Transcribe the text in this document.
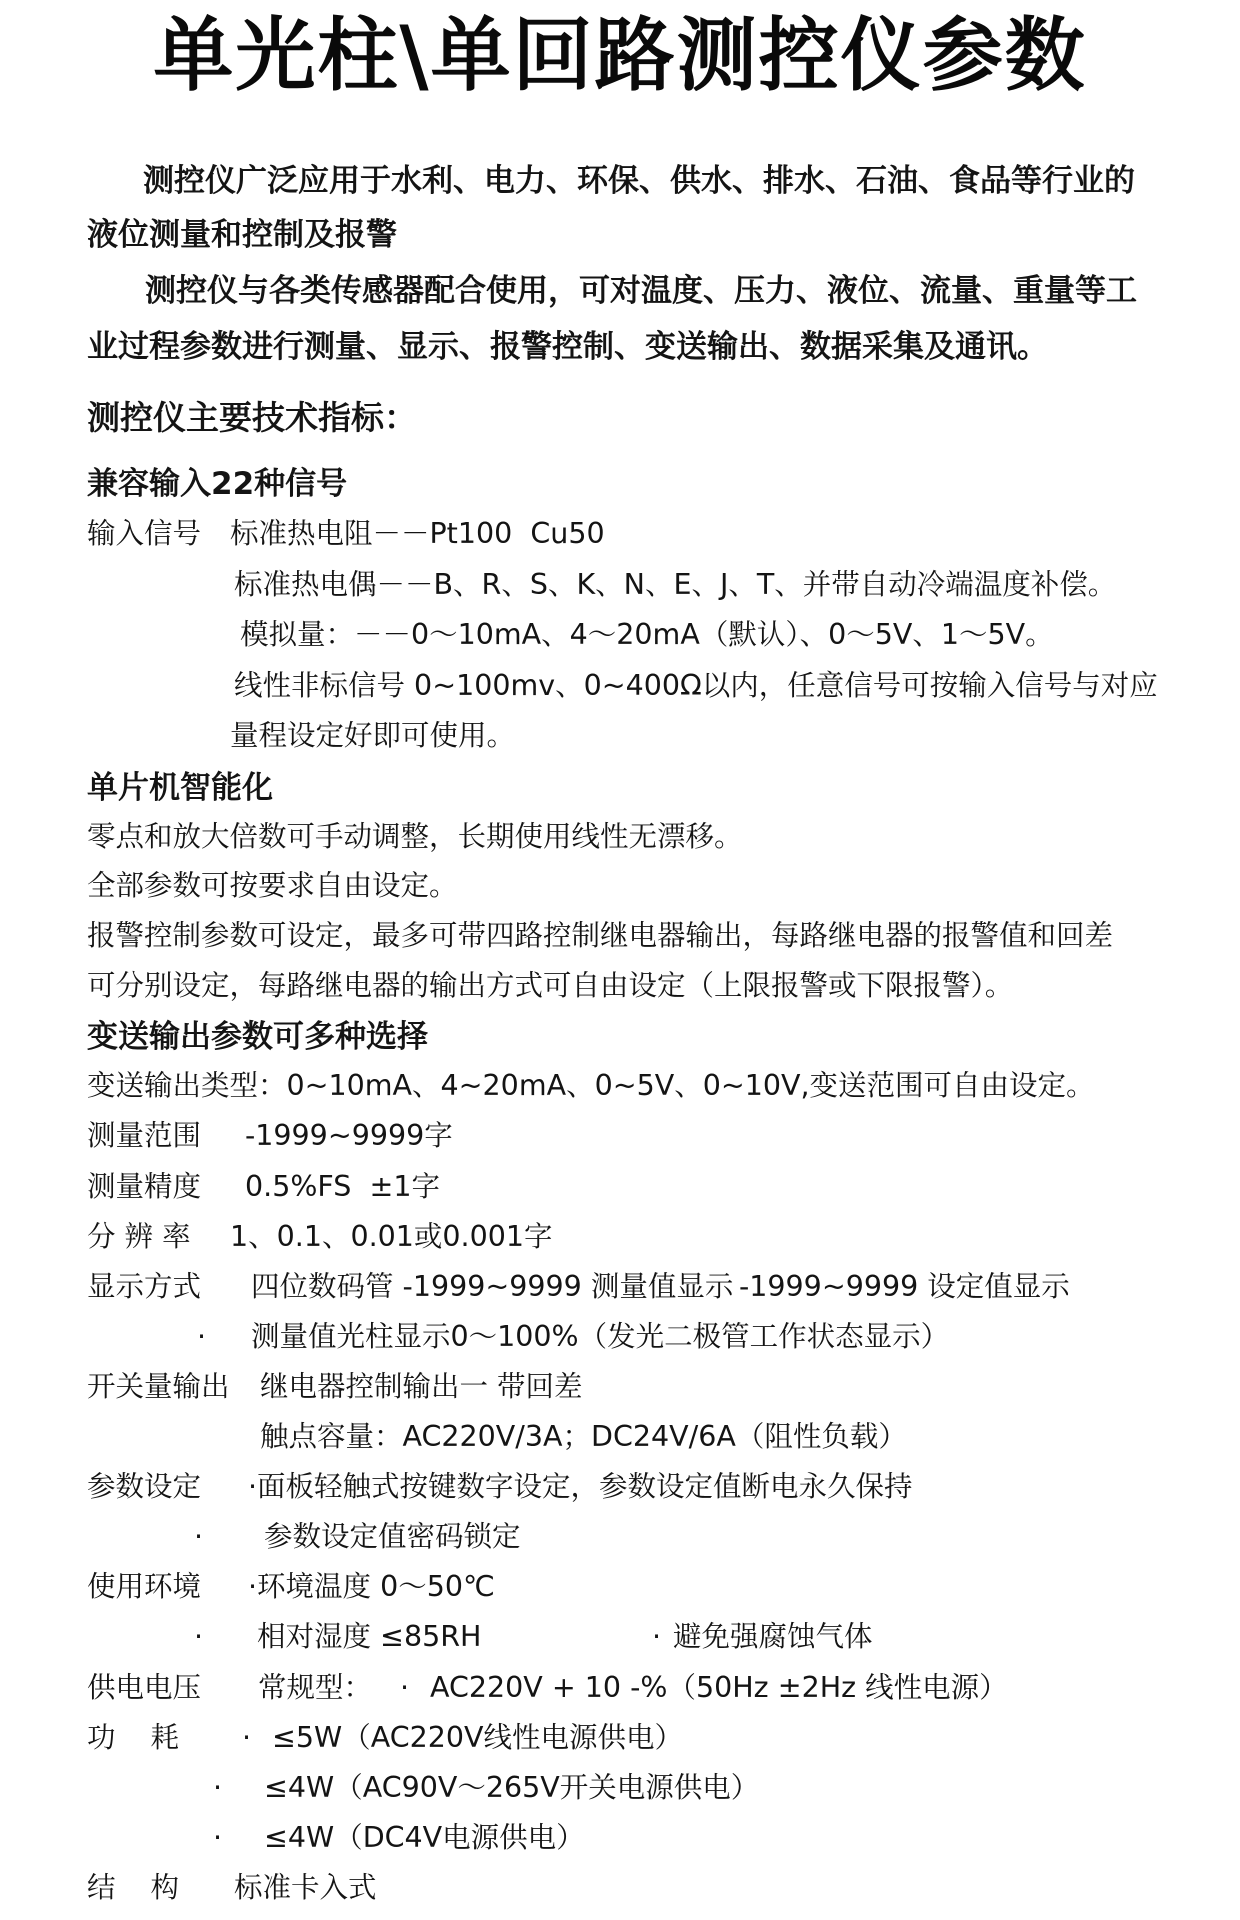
单光柱\单回路测控仪参数
测控仪广泛应用于水利、电力、环保、供水、排水、石油、食品等行业的
液位测量和控制及报警
测控仪与各类传感器配合使用，可对温度、压力、液位、流量、重量等工
业过程参数进行测量、显示、报警控制、变送输出、数据采集及通讯。
测控仪主要技术指标：
兼容输入22种信号
输入信号 标准热电阻－－Pt100  Cu50
标准热电偶－－B、R、S、K、N、E、J、T、并带自动冷端温度补偿。
模拟量：－－0～10mA、4～20mA（默认）、0～5V、1～5V。
线性非标信号 0~100mv、0~400Ω以内，任意信号可按输入信号与对应
量程设定好即可使用。
单片机智能化
零点和放大倍数可手动调整，长期使用线性无漂移。
全部参数可按要求自由设定。
报警控制参数可设定，最多可带四路控制继电器输出，每路继电器的报警值和回差
可分别设定，每路继电器的输出方式可自由设定（上限报警或下限报警）。
变送输出参数可多种选择
变送输出类型：0~10mA、4~20mA、0~5V、0~10V,变送范围可自由设定。
测量范围 -1999~9999字
测量精度 0.5%FS  ±1字
分 辨 率 1、0.1、0.01或0.001字
显示方式 四位数码管 -1999~9999 测量值显示 -1999~9999 设定值显示
· 测量值光柱显示0～100%（发光二极管工作状态显示）
开关量输出 继电器控制输出一 带回差
触点容量：AC220V/3A；DC24V/6A（阻性负载）
参数设定 ·面板轻触式按键数字设定，参数设定值断电永久保持
· 参数设定值密码锁定
使用环境 ·环境温度 0～50℃
· 相对湿度 ≤85RH	· 避免强腐蚀气体
供电电压 常规型： · AC220V + 10 -%（50Hz ±2Hz 线性电源）
功 耗 · ≤5W（AC220V线性电源供电）
· ≤4W（AC90V～265V开关电源供电）
· ≤4W（DC4V电源供电）
结 构 标准卡入式
